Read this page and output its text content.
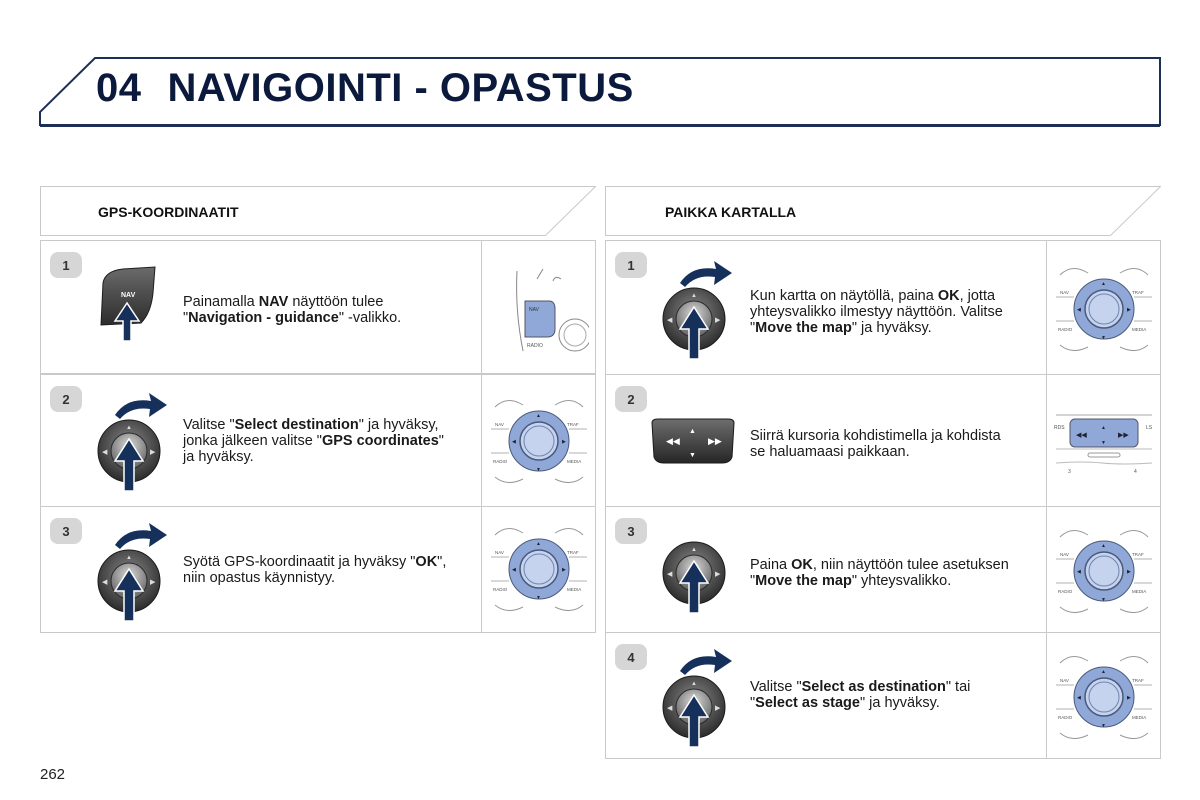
04 NAVIGOINTI - OPASTUS
GPS-KOORDINAATIT	PAIKKA KARTALLA
1
NAV	Painamalla NAV näyttöön tulee
"Navigation - guidance" -valikko.	NAV
RADIO
2
◀	▶
▲	Valitse "Select destination" ja hyväksy,
jonka jälkeen valitse "GPS coordinates"
ja hyväksy.
▲
▼
◀	▶
NAV	TRAF
RADIO	MEDIA
3
◀	▶
▲	Syötä GPS-koordinaatit ja hyväksy "OK",
niin opastus käynnistyy.
▲
▼
◀	▶
NAV	TRAF
RADIO	MEDIA
1
◀	▶
▲	Kun kartta on näytöllä, paina OK, jotta
yhteysvalikko ilmestyy näyttöön. Valitse
"Move the map" ja hyväksy.
▲
▼
◀	▶
NAV	TRAF
RADIO	MEDIA
2
◀◀	▶▶
▲
▼
Siirrä kursoria kohdistimella ja kohdista
se haluamaasi paikkaan.
◀◀	▶▶
▲
▼
RDS	LS
3	4
3
◀	▶
▲
Paina OK, niin näyttöön tulee asetuksen
"Move the map" yhteysvalikko.
▲
▼
◀	▶
NAV	TRAF
RADIO	MEDIA
4
◀	▶
▲	Valitse "Select as destination" tai
"Select as stage" ja hyväksy.
▲
▼
◀	▶
NAV	TRAF
RADIO	MEDIA
262
